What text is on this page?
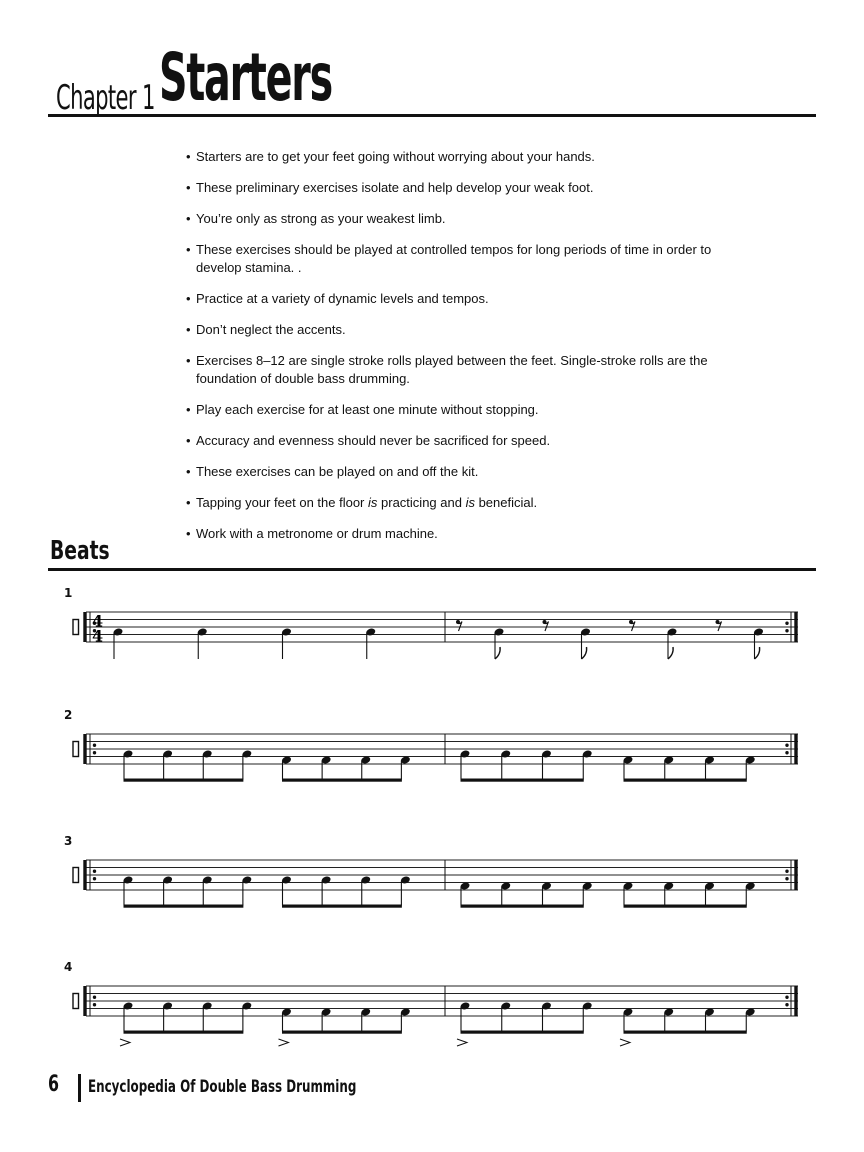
Chapter 1 Starters
• Starters are to get your feet going without worrying about your hands.
• These preliminary exercises isolate and help develop your weak foot.
• You’re only as strong as your weakest limb.
• These exercises should be played at controlled tempos for long periods of time in order to develop stamina. .
• Practice at a variety of dynamic levels and tempos.
• Don’t neglect the accents.
• Exercises 8–12 are single stroke rolls played between the feet. Single-stroke rolls are the foundation of double bass drumming.
• Play each exercise for at least one minute without stopping.
• Accuracy and evenness should never be sacrificed for speed.
• These exercises can be played on and off the kit.
• Tapping your feet on the floor is practicing and is beneficial.
• Work with a metronome or drum machine.
Beats
1
4
4
2
3
4
6 Encyclopedia Of Double Bass Drumming
